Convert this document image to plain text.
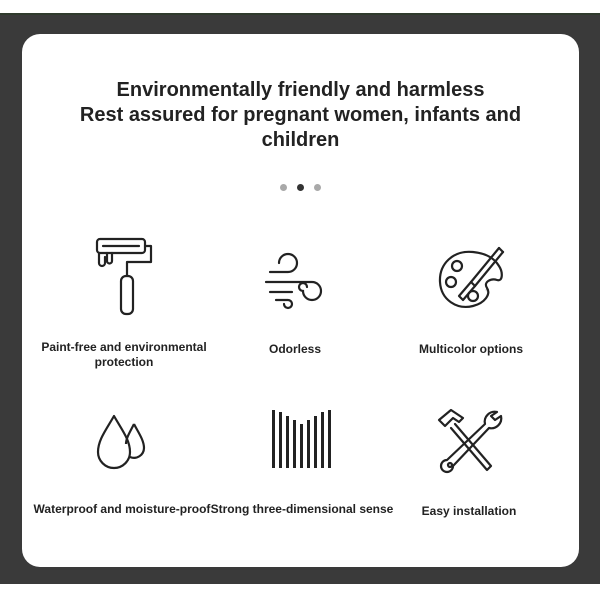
Environmentally friendly and harmless
Rest assured for pregnant women, infants and
children
Paint-free and environmental
protection
Odorless	Multicolor options
Waterproof and moisture-proof Strong three-dimensional sense	Easy installation
